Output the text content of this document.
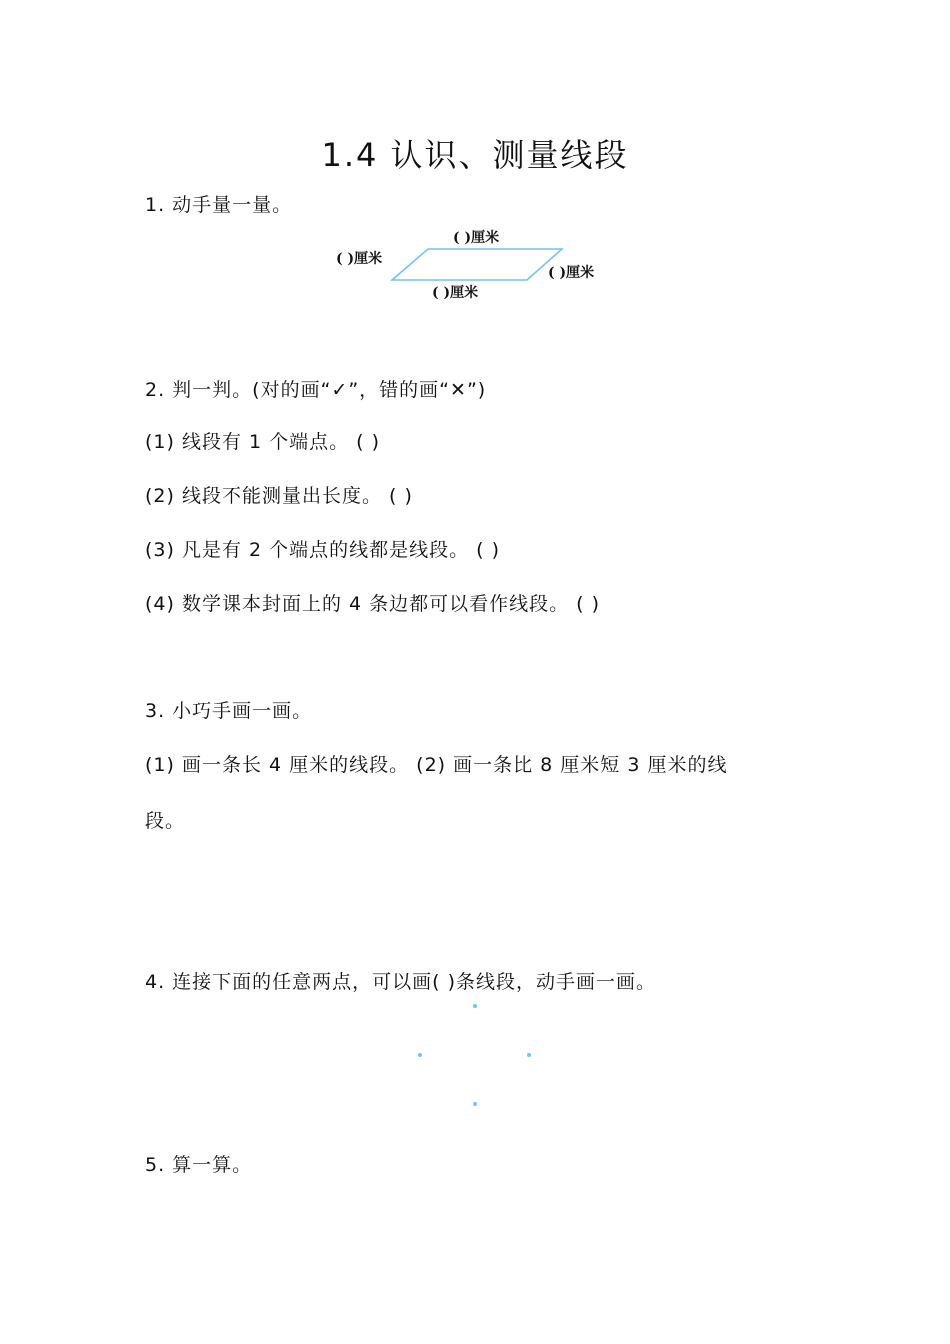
1.4 认识、测量线段
1. 动手量一量。
( )厘米
( )厘米
( )厘米
( )厘米
2. 判一判。(对的画“✓”，错的画“✕”)
(1) 线段有 1 个端点。 ( )
(2) 线段不能测量出长度。 ( )
(3) 凡是有 2 个端点的线都是线段。 ( )
(4) 数学课本封面上的 4 条边都可以看作线段。 ( )
3. 小巧手画一画。
(1) 画一条长 4 厘米的线段。 (2) 画一条比 8 厘米短 3 厘米的线
段。
4. 连接下面的任意两点，可以画( )条线段，动手画一画。
5. 算一算。
